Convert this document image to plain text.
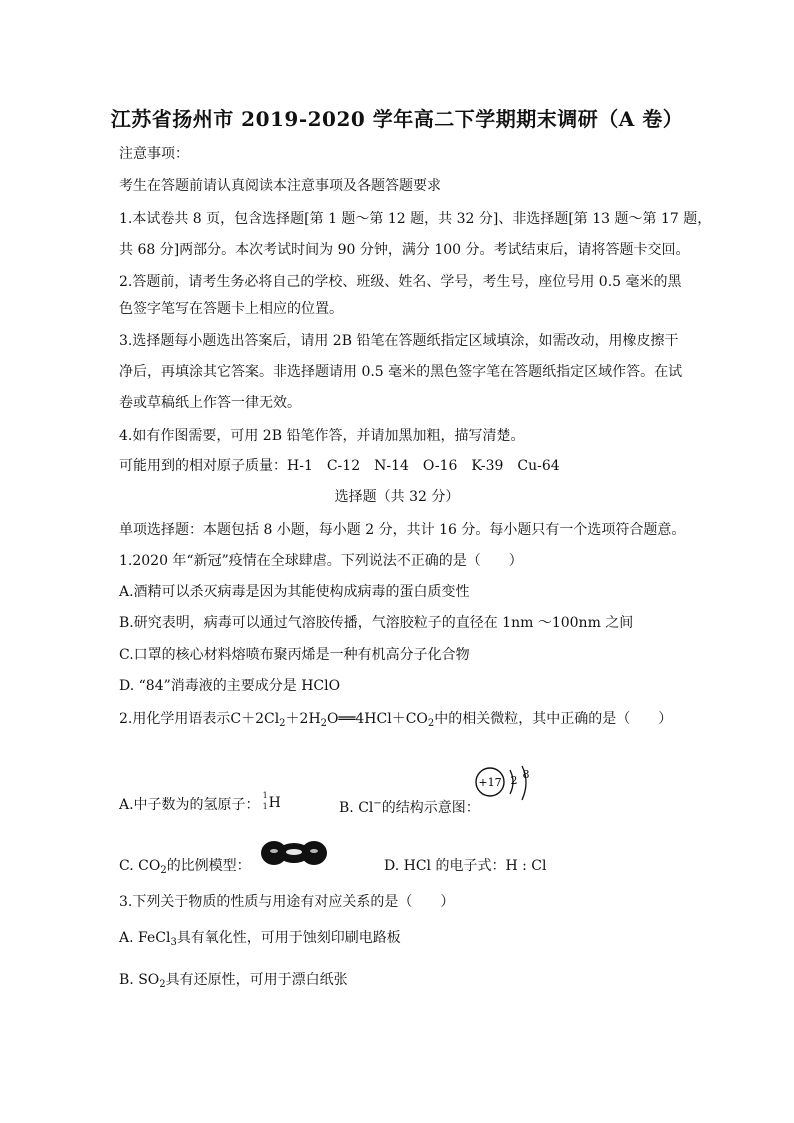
江苏省扬州市 2019-2020 学年高二下学期期末调研（A 卷）
注意事项：
考生在答题前请认真阅读本注意事项及各题答题要求
1.本试卷共 8 页，包含选择题[第 1 题～第 12 题，共 32 分]、非选择题[第 13 题～第 17 题，
共 68 分]两部分。本次考试时间为 90 分钟，满分 100 分。考试结束后，请将答题卡交回。
2.答题前，请考生务必将自己的学校、班级、姓名、学号，考生号，座位号用 0.5 毫米的黑
色签字笔写在答题卡上相应的位置。
3.选择题每小题选出答案后，请用 2B 铅笔在答题纸指定区域填涂，如需改动，用橡皮擦干
净后，再填涂其它答案。非选择题请用 0.5 毫米的黑色签字笔在答题纸指定区域作答。在试
卷或草稿纸上作答一律无效。
4.如有作图需要，可用 2B 铅笔作答，并请加黑加粗，描写清楚。
可能用到的相对原子质量：H-1　C-12　N-14　O-16　K-39　Cu-64
选择题（共 32 分）
单项选择题：本题包括 8 小题，每小题 2 分，共计 16 分。每小题只有一个选项符合题意。
1.2020 年“新冠”疫情在全球肆虐。下列说法不正确的是（　　）
A.酒精可以杀灭病毒是因为其能使构成病毒的蛋白质变性
B.研究表明，病毒可以通过气溶胶传播，气溶胶粒子的直径在 1nm ～100nm 之间
C.口罩的核心材料熔喷布聚丙烯是一种有机高分子化合物
D. “84”消毒液的主要成分是 HClO
2.用化学用语表示$C+2Cl_2+2H_2O══4HCl+CO_2$中的相关微粒，其中正确的是（　　）
A.中子数为的氢原子：
1
1 H	B. Cl−的结构示意图：
+17 2 8
C. $CO_2$的比例模型：	D. HCl 的电子式：H : Cl
3.下列关于物质的性质与用途有对应关系的是（　　）
A. FeCl$_3$具有氧化性，可用于蚀刻印刷电路板
B. $SO_2$具有还原性，可用于漂白纸张
